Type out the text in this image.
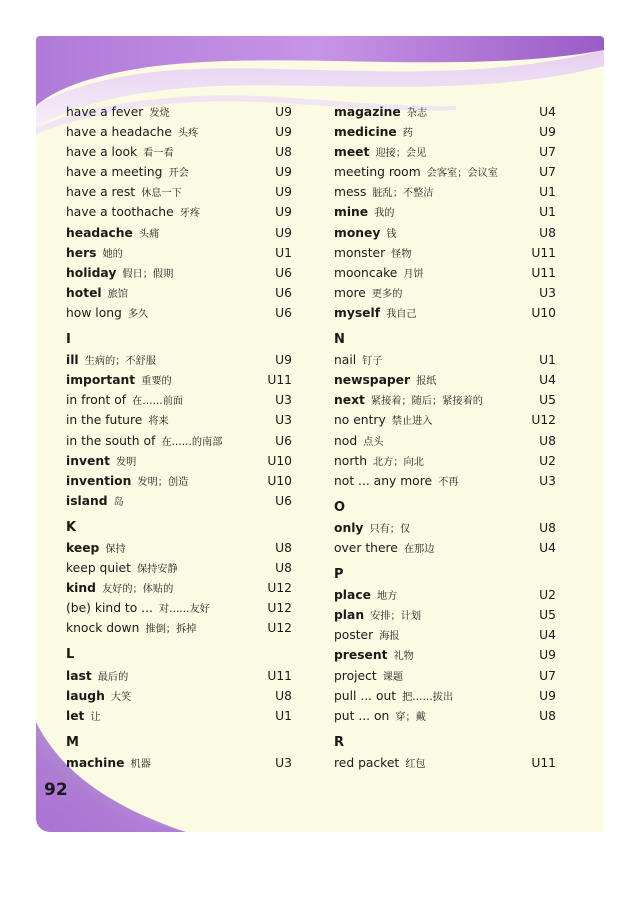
92
have a fever 发烧	U9
have a headache 头疼	U9
have a look 看一看	U8
have a meeting 开会	U9
have a rest 休息一下	U9
have a toothache 牙疼	U9
headache 头痛	U9
hers 她的	U1
holiday 假日；假期	U6
hotel 旅馆	U6
how long 多久	U6
I
ill 生病的；不舒服	U9
important 重要的	U11
in front of 在……前面	U3
in the future 将来	U3
in the south of 在……的南部	U6
invent 发明	U10
invention 发明；创造	U10
island 岛	U6
K
keep 保持	U8
keep quiet 保持安静	U8
kind 友好的；体贴的	U12
(be) kind to ... 对……友好	U12
knock down 推倒；拆掉	U12
L
last 最后的	U11
laugh 大笑	U8
let 让	U1
M
machine 机器	U3
magazine 杂志	U4
medicine 药	U9
meet 迎接；会见	U7
meeting room 会客室；会议室	U7
mess 脏乱；不整洁	U1
mine 我的	U1
money 钱	U8
monster 怪物	U11
mooncake 月饼	U11
more 更多的	U3
myself 我自己	U10
N
nail 钉子	U1
newspaper 报纸	U4
next 紧接着；随后；紧接着的	U5
no entry 禁止进入	U12
nod 点头	U8
north 北方；向北	U2
not ... any more 不再	U3
O
only 只有；仅	U8
over there 在那边	U4
P
place 地方	U2
plan 安排；计划	U5
poster 海报	U4
present 礼物	U9
project 课题	U7
pull ... out 把……拔出	U9
put ... on 穿；戴	U8
R
red packet 红包	U11
